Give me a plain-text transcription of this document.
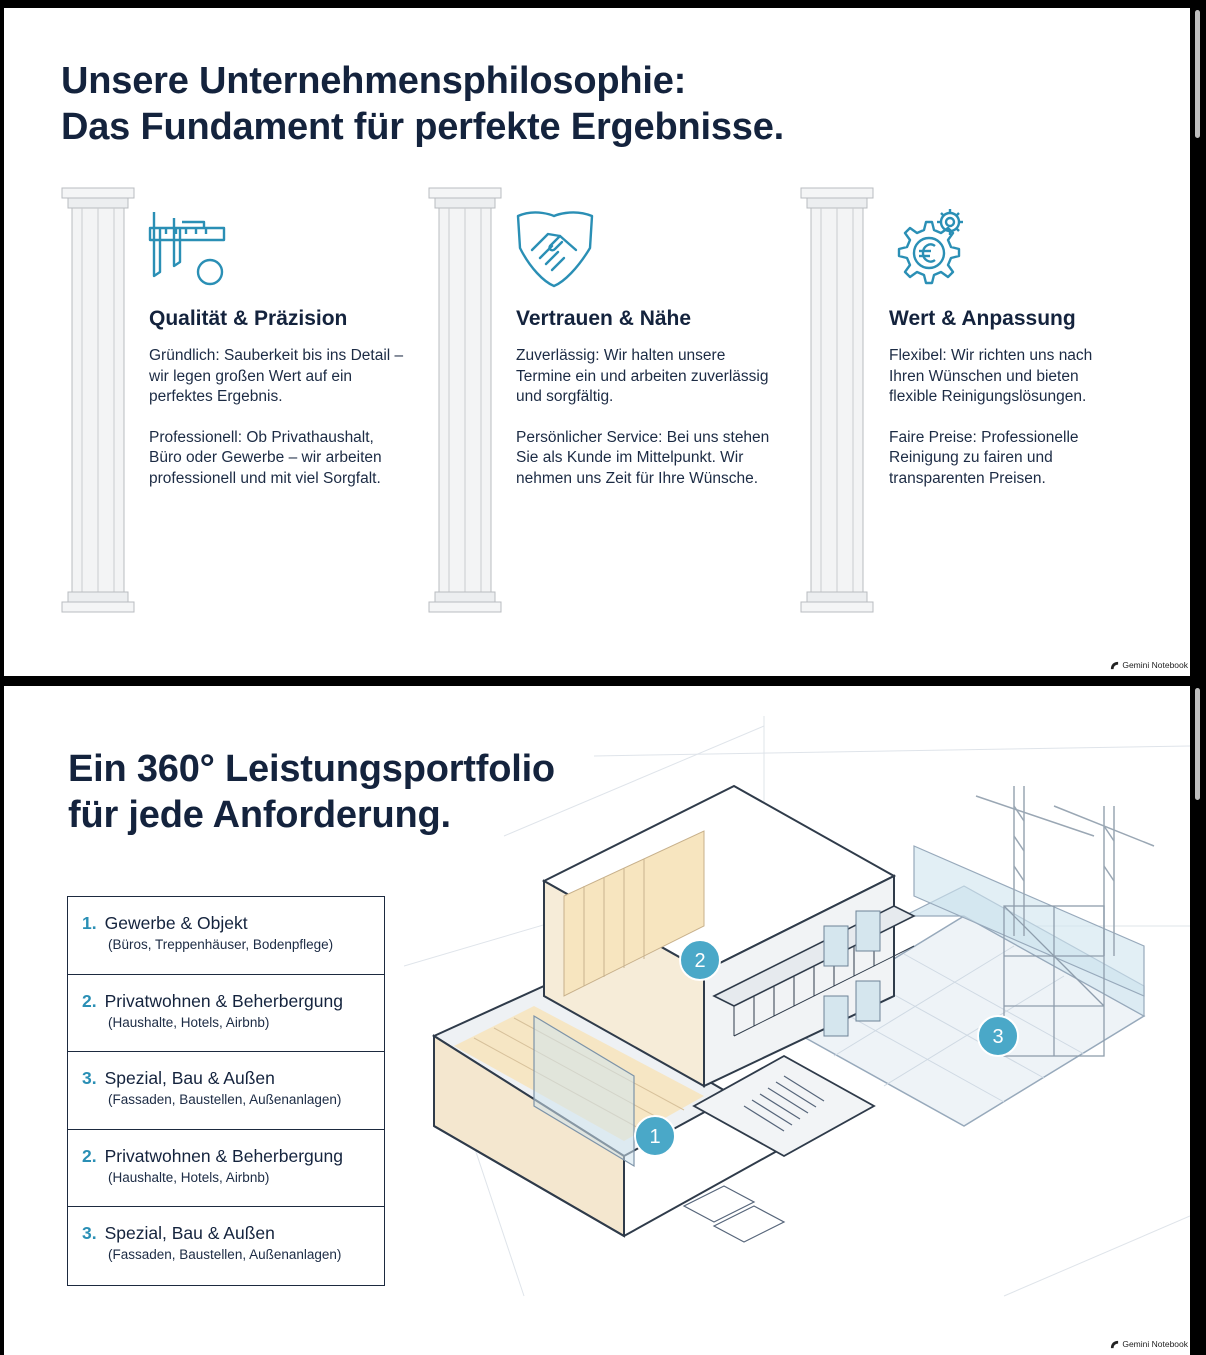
Unsere Unternehmensphilosophie:
Das Fundament für perfekte Ergebnisse.
Qualität & Präzision

Gründlich: Sauberkeit bis ins Detail – wir legen großen Wert auf ein perfektes Ergebnis.

Professionell: Ob Privathaushalt, Büro oder Gewerbe – wir arbeiten professionell und mit viel Sorgfalt.

Vertrauen & Nähe

Zuverlässig: Wir halten unsere Termine ein und arbeiten zuverlässig und sorgfältig.

Persönlicher Service: Bei uns stehen Sie als Kunde im Mittelpunkt. Wir nehmen uns Zeit für Ihre Wünsche.

Wert & Anpassung

Flexibel: Wir richten uns nach Ihren Wünschen und bieten flexible Reinigungslösungen.

Faire Preise: Professionelle Reinigung zu fairen und transparenten Preisen.

Gemini Notebook
Ein 360° Leistungsportfolio
für jede Anforderung.
1. Gewerbe & Objekt
(Büros, Treppenhäuser, Bodenpflege)
2. Privatwohnen & Beherbergung
(Haushalte, Hotels, Airbnb)
3. Spezial, Bau & Außen
(Fassaden, Baustellen, Außenanlagen)
2. Privatwohnen & Beherbergung
(Haushalte, Hotels, Airbnb)
3. Spezial, Bau & Außen
(Fassaden, Baustellen, Außenanlagen)
1
2
3
Gemini Notebook
